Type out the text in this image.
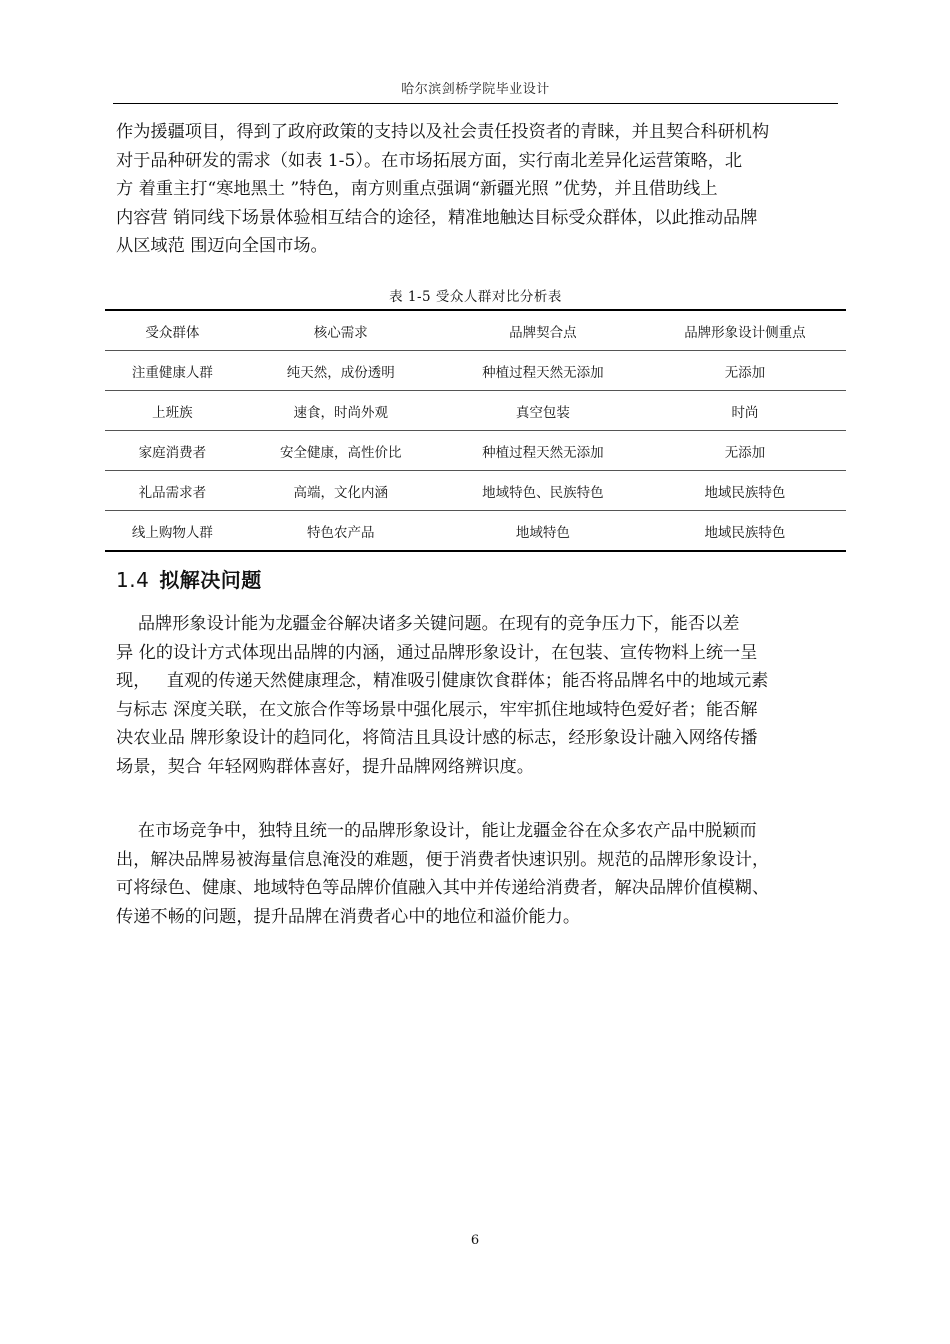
哈尔滨剑桥学院毕业设计
作为援疆项目，得到了政府政策的支持以及社会责任投资者的青睐，并且契合科研机构
对于品种研发的需求（如表 1-5）。在市场拓展方面，实行南北差异化运营策略，北
方 着重主打“寒地黑土 ”特色，南方则重点强调“新疆光照 ”优势，并且借助线上
内容营 销同线下场景体验相互结合的途径，精准地触达目标受众群体，以此推动品牌
从区域范 围迈向全国市场。
表 1-5 受众人群对比分析表
受众群体	核心需求	品牌契合点	品牌形象设计侧重点
注重健康人群	纯天然，成份透明	种植过程天然无添加	无添加
上班族	速食，时尚外观	真空包装	时尚
家庭消费者	安全健康，高性价比	种植过程天然无添加	无添加
礼品需求者	高端，文化内涵	地域特色、民族特色	地域民族特色
线上购物人群	特色农产品	地域特色	地域民族特色
1.4 拟解决问题
品牌形象设计能为龙疆金谷解决诸多关键问题。在现有的竞争压力下，能否以差
异 化的设计方式体现出品牌的内涵，通过品牌形象设计，在包装、宣传物料上统一呈
现，   直观的传递天然健康理念，精准吸引健康饮食群体；能否将品牌名中的地域元素
与标志 深度关联，在文旅合作等场景中强化展示，牢牢抓住地域特色爱好者；能否解
决农业品 牌形象设计的趋同化，将简洁且具设计感的标志，经形象设计融入网络传播
场景，契合 年轻网购群体喜好，提升品牌网络辨识度。
在市场竞争中，独特且统一的品牌形象设计，能让龙疆金谷在众多农产品中脱颖而
出，解决品牌易被海量信息淹没的难题，便于消费者快速识别。规范的品牌形象设计，
可将绿色、健康、地域特色等品牌价值融入其中并传递给消费者，解决品牌价值模糊、
传递不畅的问题，提升品牌在消费者心中的地位和溢价能力。
6
